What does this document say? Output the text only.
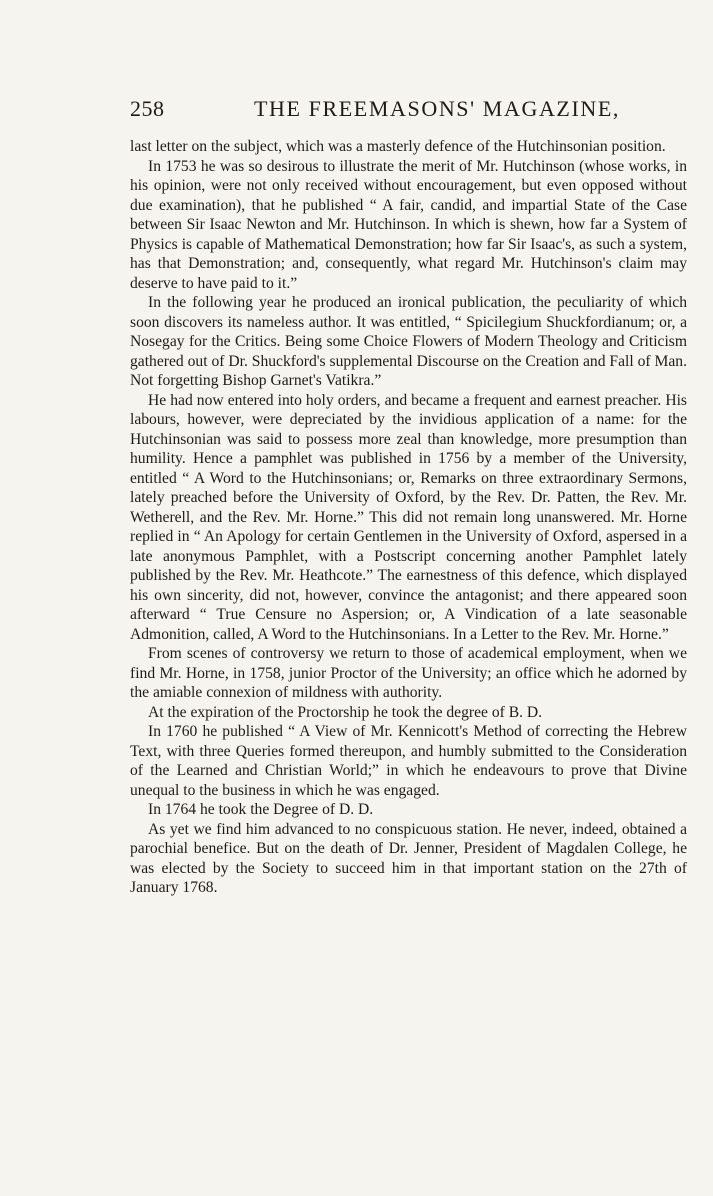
258	THE FREEMASONS' MAGAZINE,

last letter on the subject, which was a masterly defence of the Hutchinsonian position.

In 1753 he was so desirous to illustrate the merit of Mr. Hutchinson (whose works, in his opinion, were not only received without encouragement, but even opposed without due examination), that he published “ A fair, candid, and impartial State of the Case between Sir Isaac Newton and Mr. Hutchinson. In which is shewn, how far a System of Physics is capable of Mathematical Demonstration; how far Sir Isaac's, as such a system, has that Demonstration; and, consequently, what regard Mr. Hutchinson's claim may deserve to have paid to it.”

In the following year he produced an ironical publication, the peculiarity of which soon discovers its nameless author. It was entitled, “ Spicilegium Shuckfordianum; or, a Nosegay for the Critics. Being some Choice Flowers of Modern Theology and Criticism gathered out of Dr. Shuckford's supplemental Discourse on the Creation and Fall of Man. Not forgetting Bishop Garnet's Vatikra.”

He had now entered into holy orders, and became a frequent and earnest preacher. His labours, however, were depreciated by the invidious application of a name: for the Hutchinsonian was said to possess more zeal than knowledge, more presumption than humility. Hence a pamphlet was published in 1756 by a member of the University, entitled “ A Word to the Hutchinsonians; or, Remarks on three extraordinary Sermons, lately preached before the University of Oxford, by the Rev. Dr. Patten, the Rev. Mr. Wetherell, and the Rev. Mr. Horne.” This did not remain long unanswered. Mr. Horne replied in “ An Apology for certain Gentlemen in the University of Oxford, aspersed in a late anonymous Pamphlet, with a Postscript concerning another Pamphlet lately published by the Rev. Mr. Heathcote.” The earnestness of this defence, which displayed his own sincerity, did not, however, convince the antagonist; and there appeared soon afterward “ True Censure no Aspersion; or, A Vindication of a late seasonable Admonition, called, A Word to the Hutchinsonians. In a Letter to the Rev. Mr. Horne.”

From scenes of controversy we return to those of academical employment, when we find Mr. Horne, in 1758, junior Proctor of the University; an office which he adorned by the amiable connexion of mildness with authority.

At the expiration of the Proctorship he took the degree of B. D.

In 1760 he published “ A View of Mr. Kennicott's Method of correcting the Hebrew Text, with three Queries formed thereupon, and humbly submitted to the Consideration of the Learned and Christian World;” in which he endeavours to prove that Divine unequal to the business in which he was engaged.

In 1764 he took the Degree of D. D.

As yet we find him advanced to no conspicuous station. He never, indeed, obtained a parochial benefice. But on the death of Dr. Jenner, President of Magdalen College, he was elected by the Society to succeed him in that important station on the 27th of January 1768.
